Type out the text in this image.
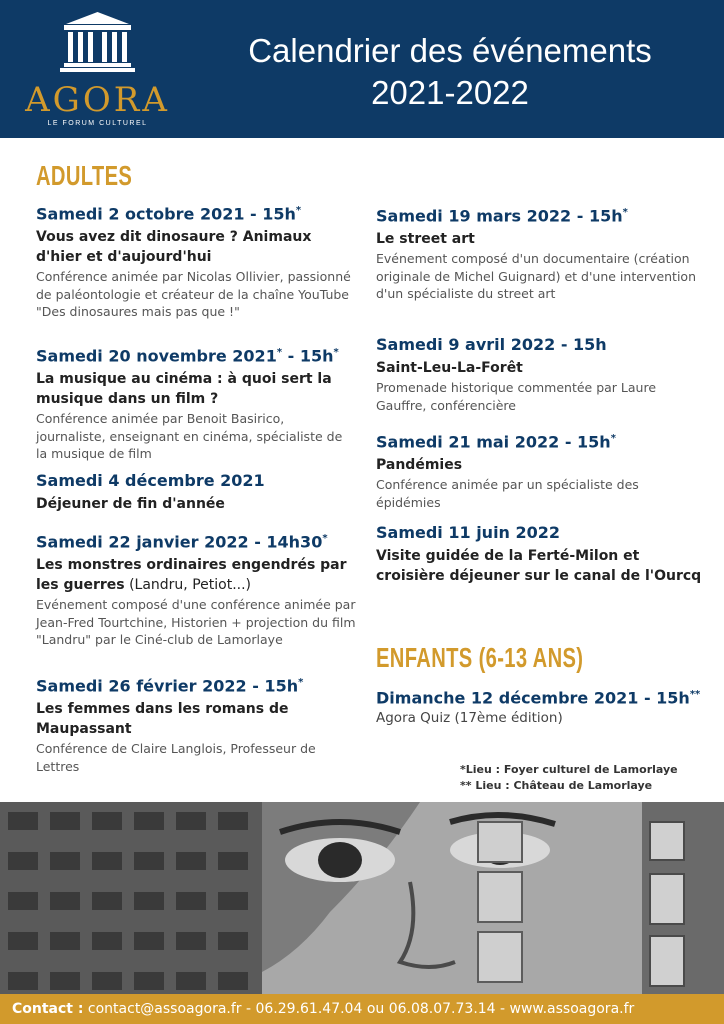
AGORA
LE FORUM CULTUREL
Calendrier des événements
2021-2022
ADULTES
Samedi 2 octobre 2021 - 15h*
Vous avez dit dinosaure ? Animaux d'hier et d'aujourd'hui
Conférence animée par Nicolas Ollivier, passionné de paléontologie et créateur de la chaîne YouTube "Des dinosaures mais pas que !"
Samedi 20 novembre 2021* - 15h*
La musique au cinéma : à quoi sert la musique dans un film ?
Conférence animée par Benoit Basirico, journaliste, enseignant en cinéma, spécialiste de la musique de film
Samedi 4 décembre 2021
Déjeuner de fin d'année
Samedi 22 janvier 2022 - 14h30*
Les monstres ordinaires engendrés par les guerres (Landru, Petiot...)
Evénement composé d'une conférence animée par Jean-Fred Tourtchine, Historien + projection du film "Landru" par le Ciné-club de Lamorlaye
Samedi 26 février 2022 - 15h*
Les femmes dans les romans de Maupassant
Conférence de Claire Langlois, Professeur de Lettres
Samedi 19 mars 2022 - 15h*
Le street art
Evénement composé d'un documentaire (création originale de Michel Guignard) et d'une intervention d'un spécialiste du street art
Samedi 9 avril 2022 - 15h
Saint-Leu-La-Forêt
Promenade historique commentée par Laure Gauffre, conférencière
Samedi 21 mai 2022 - 15h*
Pandémies
Conférence animée par un spécialiste des épidémies
Samedi 11 juin 2022
Visite guidée de la Ferté-Milon et croisière déjeuner sur le canal de l'Ourcq
ENFANTS (6-13 ANS)
Dimanche 12 décembre 2021 - 15h**
Agora Quiz (17ème édition)
*Lieu : Foyer culturel de Lamorlaye
** Lieu : Château de Lamorlaye
Contact : contact@assoagora.fr - 06.29.61.47.04 ou 06.08.07.73.14 - www.assoagora.fr
